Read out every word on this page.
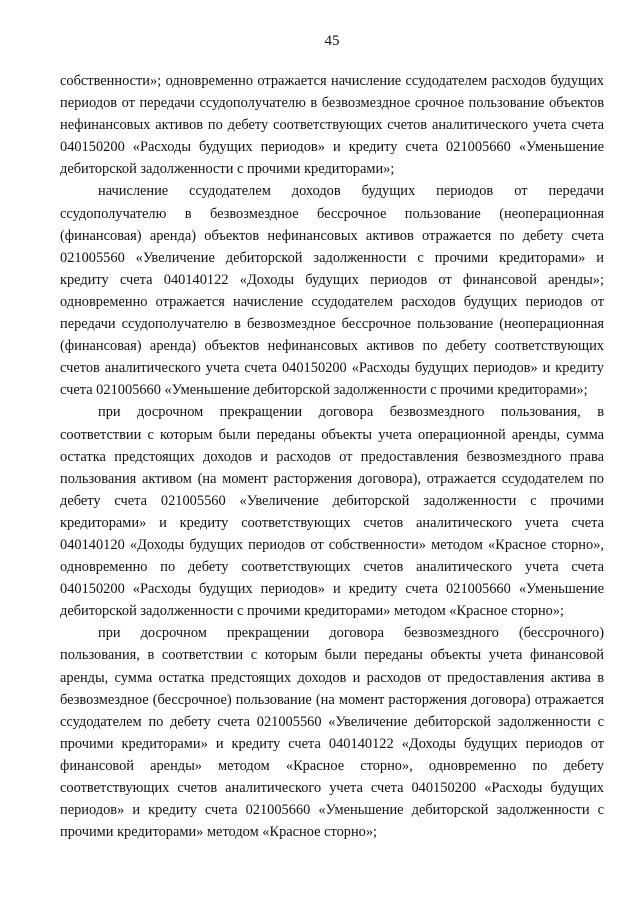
45

собственности»; одновременно отражается начисление ссудодателем расходов будущих периодов от передачи ссудополучателю в безвозмездное срочное пользование объектов нефинансовых активов по дебету соответствующих счетов аналитического учета счета 040150200 «Расходы будущих периодов» и кредиту счета 021005660 «Уменьшение дебиторской задолженности с прочими кредиторами»;

начисление ссудодателем доходов будущих периодов от передачи ссудополучателю в безвозмездное бессрочное пользование (неоперационная (финансовая) аренда) объектов нефинансовых активов отражается по дебету счета 021005560 «Увеличение дебиторской задолженности с прочими кредиторами» и кредиту счета 040140122 «Доходы будущих периодов от финансовой аренды»; одновременно отражается начисление ссудодателем расходов будущих периодов от передачи ссудополучателю в безвозмездное бессрочное пользование (неоперационная (финансовая) аренда) объектов нефинансовых активов по дебету соответствующих счетов аналитического учета счета 040150200 «Расходы будущих периодов» и кредиту счета 021005660 «Уменьшение дебиторской задолженности с прочими кредиторами»;

при досрочном прекращении договора безвозмездного пользования, в соответствии с которым были переданы объекты учета операционной аренды, сумма остатка предстоящих доходов и расходов от предоставления безвозмездного права пользования активом (на момент расторжения договора), отражается ссудодателем по дебету счета 021005560 «Увеличение дебиторской задолженности с прочими кредиторами» и кредиту соответствующих счетов аналитического учета счета 040140120 «Доходы будущих периодов от собственности» методом «Красное сторно», одновременно по дебету соответствующих счетов аналитического учета счета 040150200 «Расходы будущих периодов» и кредиту счета 021005660 «Уменьшение дебиторской задолженности с прочими кредиторами» методом «Красное сторно»;

при досрочном прекращении договора безвозмездного (бессрочного) пользования, в соответствии с которым были переданы объекты учета финансовой аренды, сумма остатка предстоящих доходов и расходов от предоставления актива в безвозмездное (бессрочное) пользование (на момент расторжения договора) отражается ссудодателем по дебету счета 021005560 «Увеличение дебиторской задолженности с прочими кредиторами» и кредиту счета 040140122 «Доходы будущих периодов от финансовой аренды» методом «Красное сторно», одновременно по дебету соответствующих счетов аналитического учета счета 040150200 «Расходы будущих периодов» и кредиту счета 021005660 «Уменьшение дебиторской задолженности с прочими кредиторами» методом «Красное сторно»;
